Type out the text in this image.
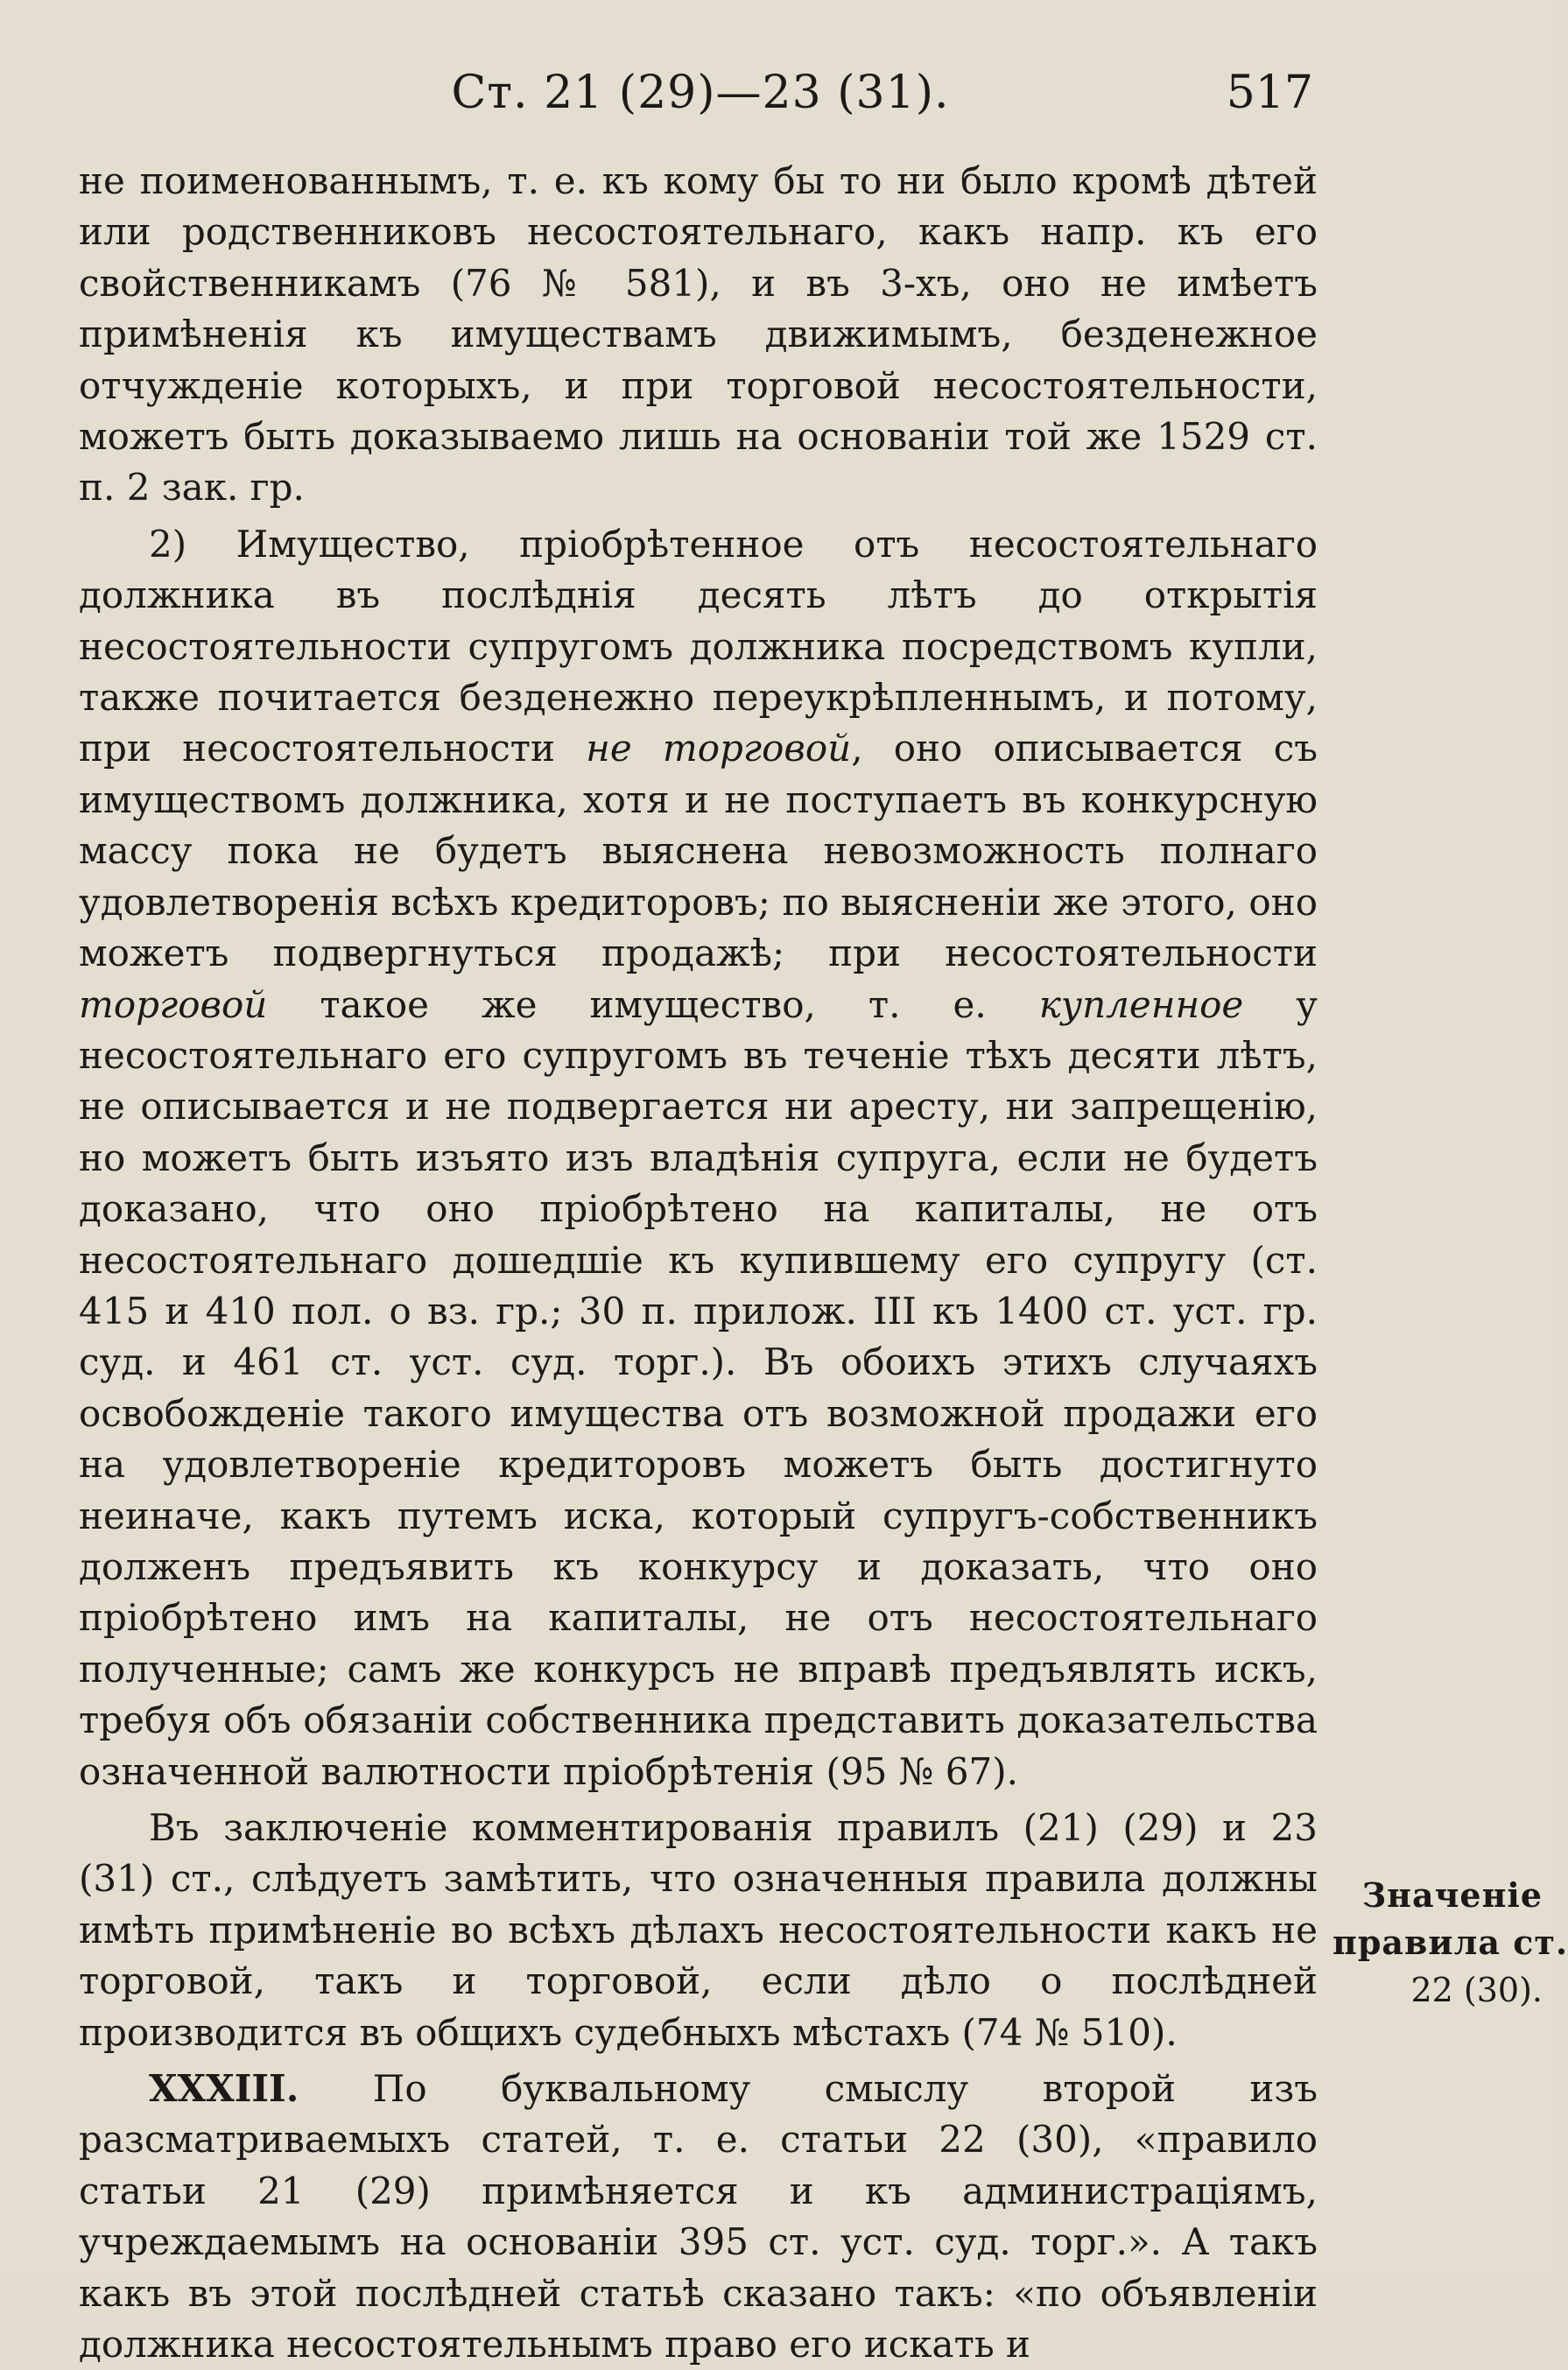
Ст. 21 (29)—23 (31).	517

не поименованнымъ, т. е. къ кому бы то ни было кромѣ дѣтей или родственниковъ несостоятельнаго, какъ напр. къ его свойственникамъ (76 № 581), и въ 3-хъ, оно не имѣетъ примѣненія къ имуществамъ движимымъ, безденежное отчужденіе которыхъ, и при торговой несостоятельности, можетъ быть доказываемо лишь на основаніи той же 1529 ст. п. 2 зак. гр.

2) Имущество, пріобрѣтенное отъ несостоятельнаго должника въ послѣднія десять лѣтъ до открытія несостоятельности супругомъ должника посредствомъ купли, также почитается безденежно переукрѣпленнымъ, и потому, при несостоятельности не торговой, оно описывается съ имуществомъ должника, хотя и не поступаетъ въ конкурсную массу пока не будетъ выяснена невозможность полнаго удовлетворенія всѣхъ кредиторовъ; по выясненіи же этого, оно можетъ подвергнуться продажѣ; при несостоятельности торговой такое же имущество, т. е. купленное у несостоятельнаго его супругомъ въ теченіе тѣхъ десяти лѣтъ, не описывается и не подвергается ни аресту, ни запрещенію, но можетъ быть изъято изъ владѣнія супруга, если не будетъ доказано, что оно пріобрѣтено на капиталы, не отъ несостоятельнаго дошедшіе къ купившему его супругу (ст. 415 и 410 пол. о вз. гр.; 30 п. прилож. III къ 1400 ст. уст. гр. суд. и 461 ст. уст. суд. торг.). Въ обоихъ этихъ случаяхъ освобожденіе такого имущества отъ возможной продажи его на удовлетвореніе кредиторовъ можетъ быть достигнуто неиначе, какъ путемъ иска, который супругъ-собственникъ долженъ предъявить къ конкурсу и доказать, что оно пріобрѣтено имъ на капиталы, не отъ несостоятельнаго полученные; самъ же конкурсъ не вправѣ предъявлять искъ, требуя объ обязаніи собственника представить доказательства означенной валютности пріобрѣтенія (95 № 67).

Въ заключеніе комментированія правилъ (21) (29) и 23 (31) ст., слѣдуетъ замѣтить, что означенныя правила должны имѣть примѣненіе во всѣхъ дѣлахъ несостоятельности какъ не торговой, такъ и торговой, если дѣло о послѣдней производится въ общихъ судебныхъ мѣстахъ (74 № 510).

XXXIII. По буквальному смыслу второй изъ разсматриваемыхъ статей, т. е. статьи 22 (30), «правило статьи 21 (29) примѣняется и къ администраціямъ, учреждаемымъ на основаніи 395 ст. уст. суд. торг.». А такъ какъ въ этой послѣдней статьѣ сказано такъ: «по объявленіи должника несостоятельнымъ право его искать и

Значеніе
правила ст.
22 (30).
